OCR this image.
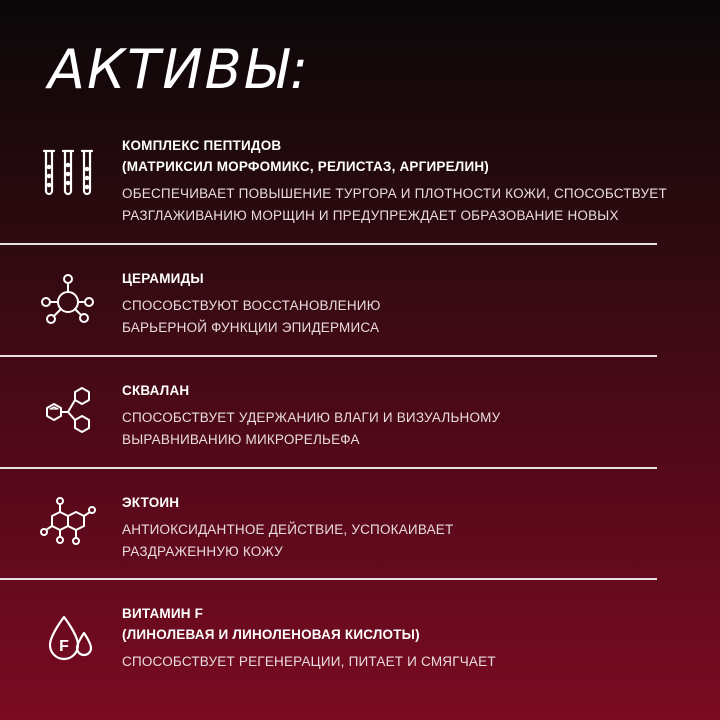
АКТИВЫ:
КОМПЛЕКС ПЕПТИДОВ
(МАТРИКСИЛ МОРФОМИКС, РЕЛИСТАЗ, АРГИРЕЛИН)
ОБЕСПЕЧИВАЕТ ПОВЫШЕНИЕ ТУРГОРА И ПЛОТНОСТИ КОЖИ, СПОСОБСТВУЕТ
РАЗГЛАЖИВАНИЮ МОРЩИН И ПРЕДУПРЕЖДАЕТ ОБРАЗОВАНИЕ НОВЫХ
ЦЕРАМИДЫ
СПОСОБСТВУЮТ ВОССТАНОВЛЕНИЮ
БАРЬЕРНОЙ ФУНКЦИИ ЭПИДЕРМИСА
СКВАЛАН
СПОСОБСТВУЕТ УДЕРЖАНИЮ ВЛАГИ И ВИЗУАЛЬНОМУ
ВЫРАВНИВАНИЮ МИКРОРЕЛЬЕФА
ЭКТОИН
АНТИОКСИДАНТНОЕ ДЕЙСТВИЕ, УСПОКАИВАЕТ
РАЗДРАЖЕННУЮ КОЖУ
F
ВИТАМИН F
(ЛИНОЛЕВАЯ И ЛИНОЛЕНОВАЯ КИСЛОТЫ)
СПОСОБСТВУЕТ РЕГЕНЕРАЦИИ, ПИТАЕТ И СМЯГЧАЕТ
